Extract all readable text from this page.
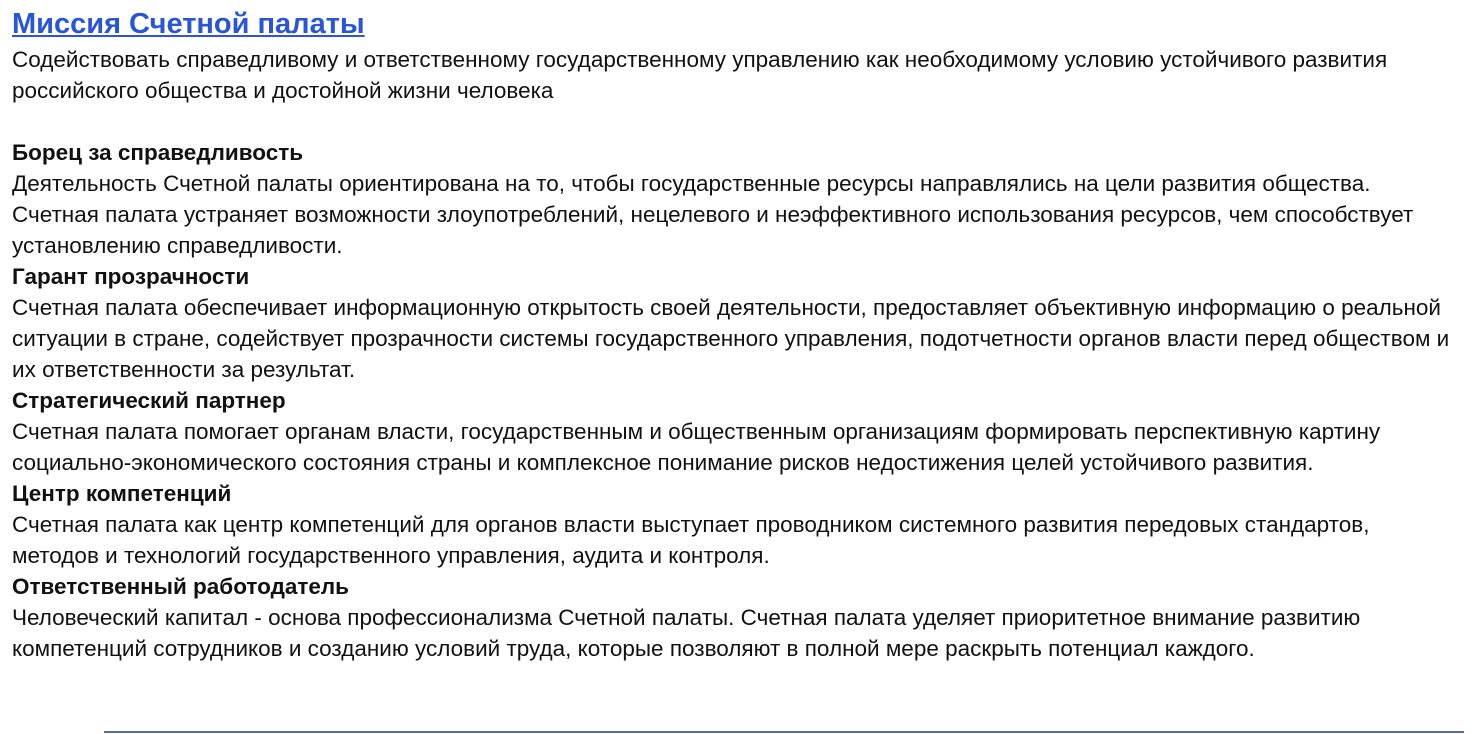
Миссия Счетной палаты

Содействовать справедливому и ответственному государственному управлению как необходимому условию устойчивого развития российского общества и достойной жизни человека

Борец за справедливость

Деятельность Счетной палаты ориентирована на то, чтобы государственные ресурсы направлялись на цели развития общества. Счетная палата устраняет возможности злоупотреблений, нецелевого и неэффективного использования ресурсов, чем способствует установлению справедливости.

Гарант прозрачности

Счетная палата обеспечивает информационную открытость своей деятельности, предоставляет объективную информацию о реальной ситуации в стране, содействует прозрачности системы государственного управления, подотчетности органов власти перед обществом и их ответственности за результат.

Стратегический партнер

Счетная палата помогает органам власти, государственным и общественным организациям формировать перспективную картину социально-экономического состояния страны и комплексное понимание рисков недостижения целей устойчивого развития.

Центр компетенций

Счетная палата как центр компетенций для органов власти выступает проводником системного развития передовых стандартов, методов и технологий государственного управления, аудита и контроля.

Ответственный работодатель

Человеческий капитал - основа профессионализма Счетной палаты. Счетная палата уделяет приоритетное внимание развитию компетенций сотрудников и созданию условий труда, которые позволяют в полной мере раскрыть потенциал каждого.
